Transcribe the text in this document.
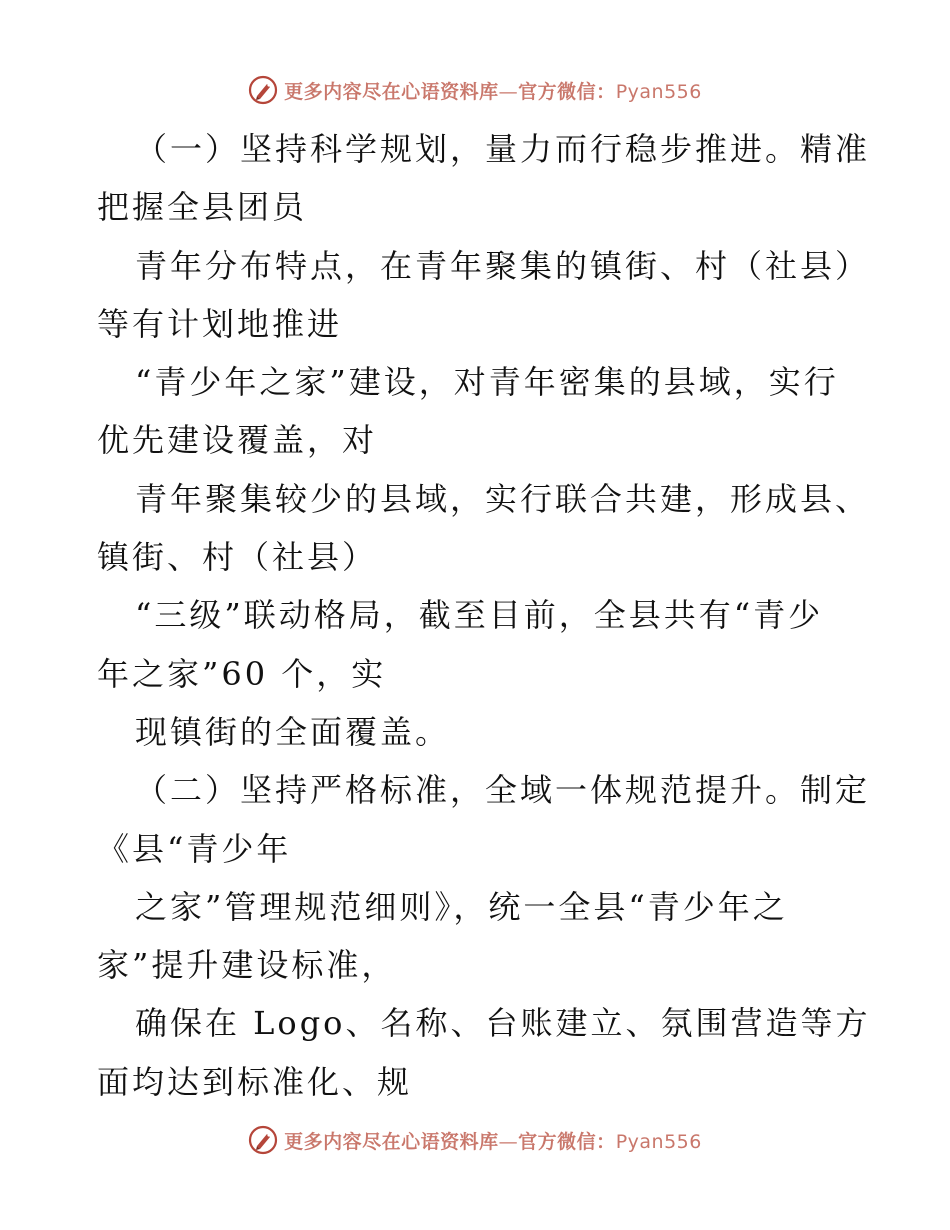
更多内容尽在心语资料库—官方微信：Pyan556
（一）坚持科学规划，量力而行稳步推进。精准
把握全县团员
青年分布特点，在青年聚集的镇街、村（社县）
等有计划地推进
“青少年之家”建设，对青年密集的县域，实行
优先建设覆盖，对
青年聚集较少的县域，实行联合共建，形成县、
镇街、村（社县）
“三级”联动格局，截至目前，全县共有“青少
年之家”60 个，实
现镇街的全面覆盖。
（二）坚持严格标准，全域一体规范提升。制定
《县“青少年
之家”管理规范细则》，统一全县“青少年之
家”提升建设标准，
确保在 Logo、名称、台账建立、氛围营造等方
面均达到标准化、规
更多内容尽在心语资料库—官方微信：Pyan556
